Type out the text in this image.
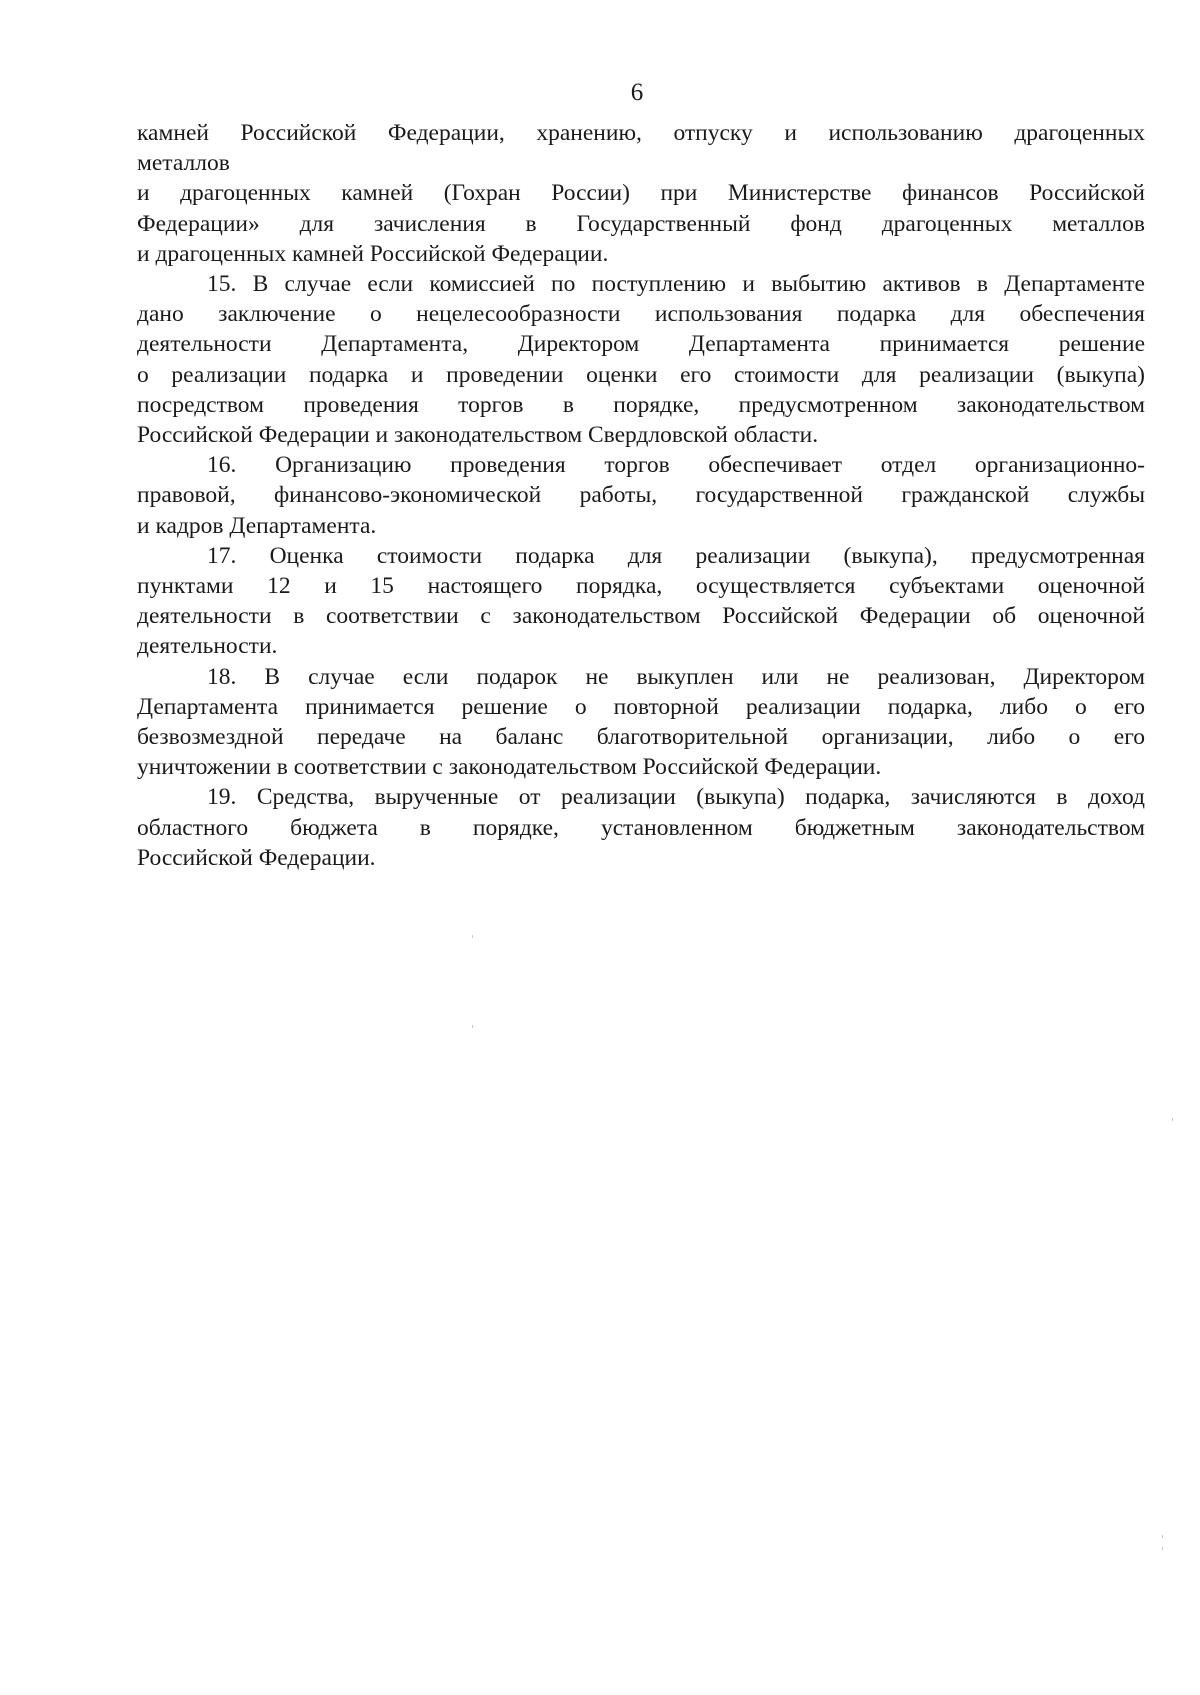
6
камней Российской Федерации, хранению, отпуску и использованию драгоценных
металлов
и драгоценных камней (Гохран России) при Министерстве финансов Российской
Федерации» для зачисления в Государственный фонд драгоценных металлов
и драгоценных камней Российской Федерации.
15. В случае если комиссией по поступлению и выбытию активов в Департаменте
дано заключение о нецелесообразности использования подарка для обеспечения
деятельности Департамента, Директором Департамента принимается решение
о реализации подарка и проведении оценки его стоимости для реализации (выкупа)
посредством проведения торгов в порядке, предусмотренном законодательством
Российской Федерации и законодательством Свердловской области.
16. Организацию проведения торгов обеспечивает отдел организационно-
правовой, финансово-экономической работы, государственной гражданской службы
и кадров Департамента.
17. Оценка стоимости подарка для реализации (выкупа), предусмотренная
пунктами 12 и 15 настоящего порядка, осуществляется субъектами оценочной
деятельности в соответствии с законодательством Российской Федерации об оценочной
деятельности.
18. В случае если подарок не выкуплен или не реализован, Директором
Департамента принимается решение о повторной реализации подарка, либо о его
безвозмездной передаче на баланс благотворительной организации, либо о его
уничтожении в соответствии с законодательством Российской Федерации.
19. Средства, вырученные от реализации (выкупа) подарка, зачисляются в доход
областного бюджета в порядке, установленном бюджетным законодательством
Российской Федерации.
